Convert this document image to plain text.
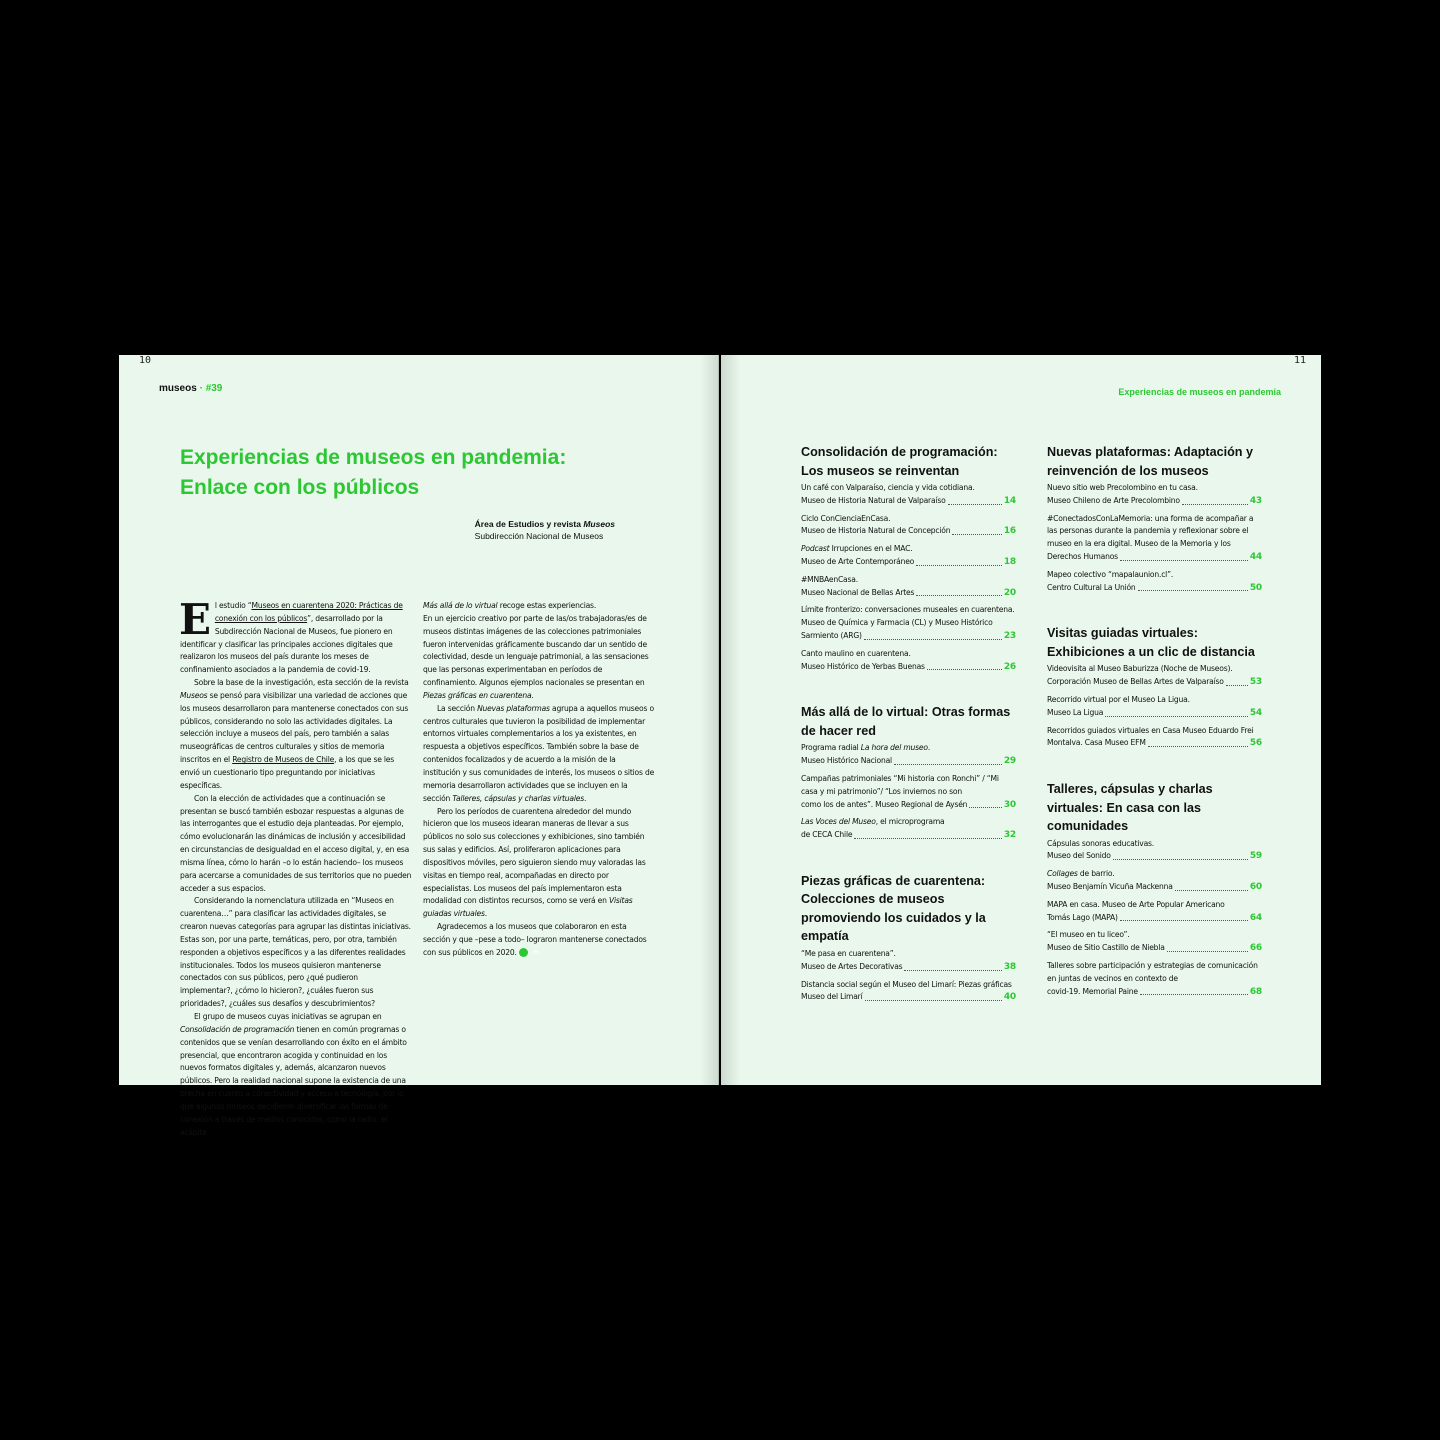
museos · #39
Experiencias de museos en pandemia: Enlace con los públicos
Área de Estudios y revista Museos
Subdirección Nacional de Museos

El estudio “Museos en cuarentena 2020: Prácticas de conexión con los públicos”, desarrollado por la Subdirección Nacional de Museos, fue pionero en identificar y clasificar las principales acciones digitales que realizaron los museos del país durante los meses de confinamiento asociados a la pandemia de covid-19.

Sobre la base de la investigación, esta sección de la revista Museos se pensó para visibilizar una variedad de acciones que los museos desarrollaron para mantenerse conectados con sus públicos, considerando no solo las actividades digitales. La selección incluye a museos del país, pero también a salas museográficas de centros culturales y sitios de memoria inscritos en el Registro de Museos de Chile, a los que se les envió un cuestionario tipo preguntando por iniciativas específicas.

Con la elección de actividades que a continuación se presentan se buscó también esbozar respuestas a algunas de las interrogantes que el estudio deja planteadas. Por ejemplo, cómo evolucionarán las dinámicas de inclusión y accesibilidad en circunstancias de desigualdad en el acceso digital, y, en esa misma línea, cómo lo harán –o lo están haciendo– los museos para acercarse a comunidades de sus territorios que no pueden acceder a sus espacios.

Considerando la nomenclatura utilizada en “Museos en cuarentena…” para clasificar las actividades digitales, se crearon nuevas categorías para agrupar las distintas iniciativas. Estas son, por una parte, temáticas, pero, por otra, también responden a objetivos específicos y a las diferentes realidades institucionales. Todos los museos quisieron mantenerse conectados con sus públicos, pero ¿qué pudieron implementar?, ¿cómo lo hicieron?, ¿cuáles fueron sus prioridades?, ¿cuáles sus desafíos y descubrimientos?

El grupo de museos cuyas iniciativas se agrupan en Consolidación de programación tienen en común programas o contenidos que se venían desarrollando con éxito en el ámbito presencial, que encontraron acogida y continuidad en los nuevos formatos digitales y, además, alcanzaron nuevos públicos. Pero la realidad nacional supone la existencia de una brecha en cuanto a conectividad y acceso a tecnología, por lo que algunos museos decidieron diversificar las formas de conexión a través de medios conocidos, como la radio: el acápite

Más allá de lo virtual recoge estas experiencias.

En un ejercicio creativo por parte de las/os trabajadoras/es de museos distintas imágenes de las colecciones patrimoniales fueron intervenidas gráficamente buscando dar un sentido de colectividad, desde un lenguaje patrimonial, a las sensaciones que las personas experimentaban en períodos de confinamiento. Algunos ejemplos nacionales se presentan en Piezas gráficas en cuarentena.

La sección Nuevas plataformas agrupa a aquellos museos o centros culturales que tuvieron la posibilidad de implementar entornos virtuales complementarios a los ya existentes, en respuesta a objetivos específicos. También sobre la base de contenidos focalizados y de acuerdo a la misión de la institución y sus comunidades de interés, los museos o sitios de memoria desarrollaron actividades que se incluyen en la sección Talleres, cápsulas y charlas virtuales.

Pero los períodos de cuarentena alrededor del mundo hicieron que los museos idearan maneras de llevar a sus públicos no solo sus colecciones y exhibiciones, sino también sus salas y edificios. Así, proliferaron aplicaciones para dispositivos móviles, pero siguieron siendo muy valoradas las visitas en tiempo real, acompañadas en directo por especialistas. Los museos del país implementaron esta modalidad con distintos recursos, como se verá en Visitas guiadas virtuales.

Agradecemos a los museos que colaboraron en esta sección y que –pese a todo– lograron mantenerse conectados con sus públicos en 2020.	m

Experiencias de museos en pandemia
Consolidación de programación: Los museos se reinventan
Un café con Valparaíso, ciencia y vida cotidiana.
Museo de Historia Natural de Valparaíso	14
Ciclo ConCienciaEnCasa.
Museo de Historia Natural de Concepción	16
Podcast Irrupciones en el MAC.
Museo de Arte Contemporáneo	18
#MNBAenCasa.
Museo Nacional de Bellas Artes	20
Límite fronterizo: conversaciones museales en cuarentena. Museo de Química y Farmacia (CL) y Museo Histórico
Sarmiento (ARG)	23
Canto maulino en cuarentena.
Museo Histórico de Yerbas Buenas	26
Más allá de lo virtual: Otras formas de hacer red
Programa radial La hora del museo.
Museo Histórico Nacional	29
Campañas patrimoniales “Mi historia con Ronchi” / “Mi casa y mi patrimonio”/ “Los inviernos no son
como los de antes”. Museo Regional de Aysén	30
Las Voces del Museo, el microprograma
de CECA Chile	32
Piezas gráficas de cuarentena: Colecciones de museos promoviendo los cuidados y la empatía
“Me pasa en cuarentena”.
Museo de Artes Decorativas	38
Distancia social según el Museo del Limarí: Piezas gráficas
Museo del Limarí	40
Nuevas plataformas: Adaptación y reinvención de los museos
Nuevo sitio web Precolombino en tu casa.
Museo Chileno de Arte Precolombino	43
#ConectadosConLaMemoria: una forma de acompañar a las personas durante la pandemia y reflexionar sobre el museo en la era digital. Museo de la Memoria y los
Derechos Humanos	44
Mapeo colectivo “mapalaunion.cl”.
Centro Cultural La Unión	50
Visitas guiadas virtuales: Exhibiciones a un clic de distancia
Videovisita al Museo Baburizza (Noche de Museos).
Corporación Museo de Bellas Artes de Valparaíso	53
Recorrido virtual por el Museo La Ligua.
Museo La Ligua	54
Recorridos guiados virtuales en Casa Museo Eduardo Frei
Montalva. Casa Museo EFM	56
Talleres, cápsulas y charlas virtuales: En casa con las comunidades
Cápsulas sonoras educativas.
Museo del Sonido	59
Collages de barrio.
Museo Benjamín Vicuña Mackenna	60
MAPA en casa. Museo de Arte Popular Americano
Tomás Lago (MAPA)	64
“El museo en tu liceo”.
Museo de Sitio Castillo de Niebla	66
Talleres sobre participación y estrategias de comunicación en juntas de vecinos en contexto de
covid-19. Memorial Paine	68
10	11
